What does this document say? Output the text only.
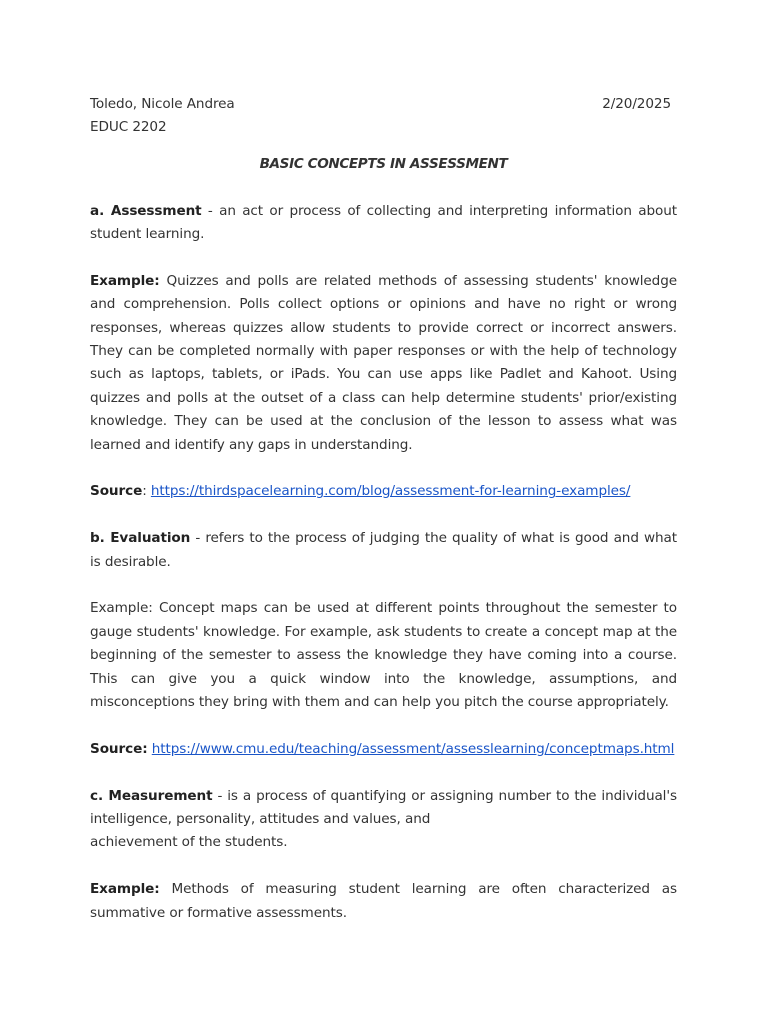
Toledo, Nicole Andrea	2/20/2025
EDUC 2202
BASIC CONCEPTS IN ASSESSMENT

a. Assessment - an act or process of collecting and interpreting information about student learning.

Example: Quizzes and polls are related methods of assessing students' knowledge and comprehension. Polls collect options or opinions and have no right or wrong responses, whereas quizzes allow students to provide correct or incorrect answers. They can be completed normally with paper responses or with the help of technology such as laptops, tablets, or iPads. You can use apps like Padlet and Kahoot. Using quizzes and polls at the outset of a class can help determine students' prior/existing knowledge. They can be used at the conclusion of the lesson to assess what was learned and identify any gaps in understanding.

Source: https://thirdspacelearning.com/blog/assessment-for-learning-examples/

b. Evaluation - refers to the process of judging the quality of what is good and what is desirable.

Example: Concept maps can be used at different points throughout the semester to gauge students' knowledge. For example, ask students to create a concept map at the beginning of the semester to assess the knowledge they have coming into a course. This can give you a quick window into the knowledge, assumptions, and misconceptions they bring with them and can help you pitch the course appropriately.

Source: https://www.cmu.edu/teaching/assessment/assesslearning/conceptmaps.html

c. Measurement - is a process of quantifying or assigning number to the individual's intelligence, personality, attitudes and values, and

achievement of the students.

Example: Methods of measuring student learning are often characterized as summative or formative assessments.
